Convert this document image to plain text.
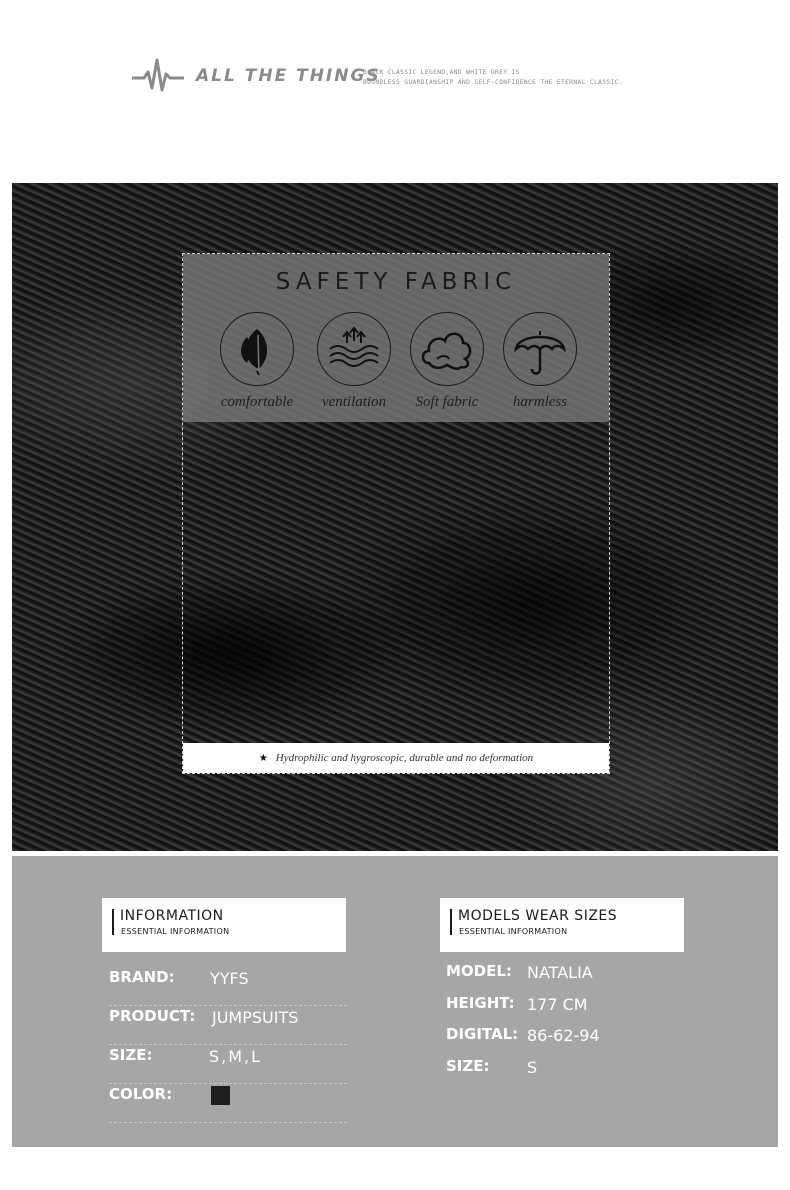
ALL THE THINGS
BLACK CLASSIC LEGEND,AND WHITE GREY IS
BOUNDLESS GUARDIANSHIP AND SELF-CONFIDENCE THE ETERNAL CLASSIC.
SAFETY FABRIC
comfortable	ventilation	Soft fabric	harmless
★ Hydrophilic and hygroscopic, durable and no deformation
INFORMATION
ESSENTIAL INFORMATION
BRAND: YYFS
PRODUCT: JUMPSUITS
SIZE:	S,M,L
COLOR:
MODELS WEAR SIZES
ESSENTIAL INFORMATION
MODEL: NATALIA
HEIGHT: 177 CM
DIGITAL: 86-62-94
SIZE: S
